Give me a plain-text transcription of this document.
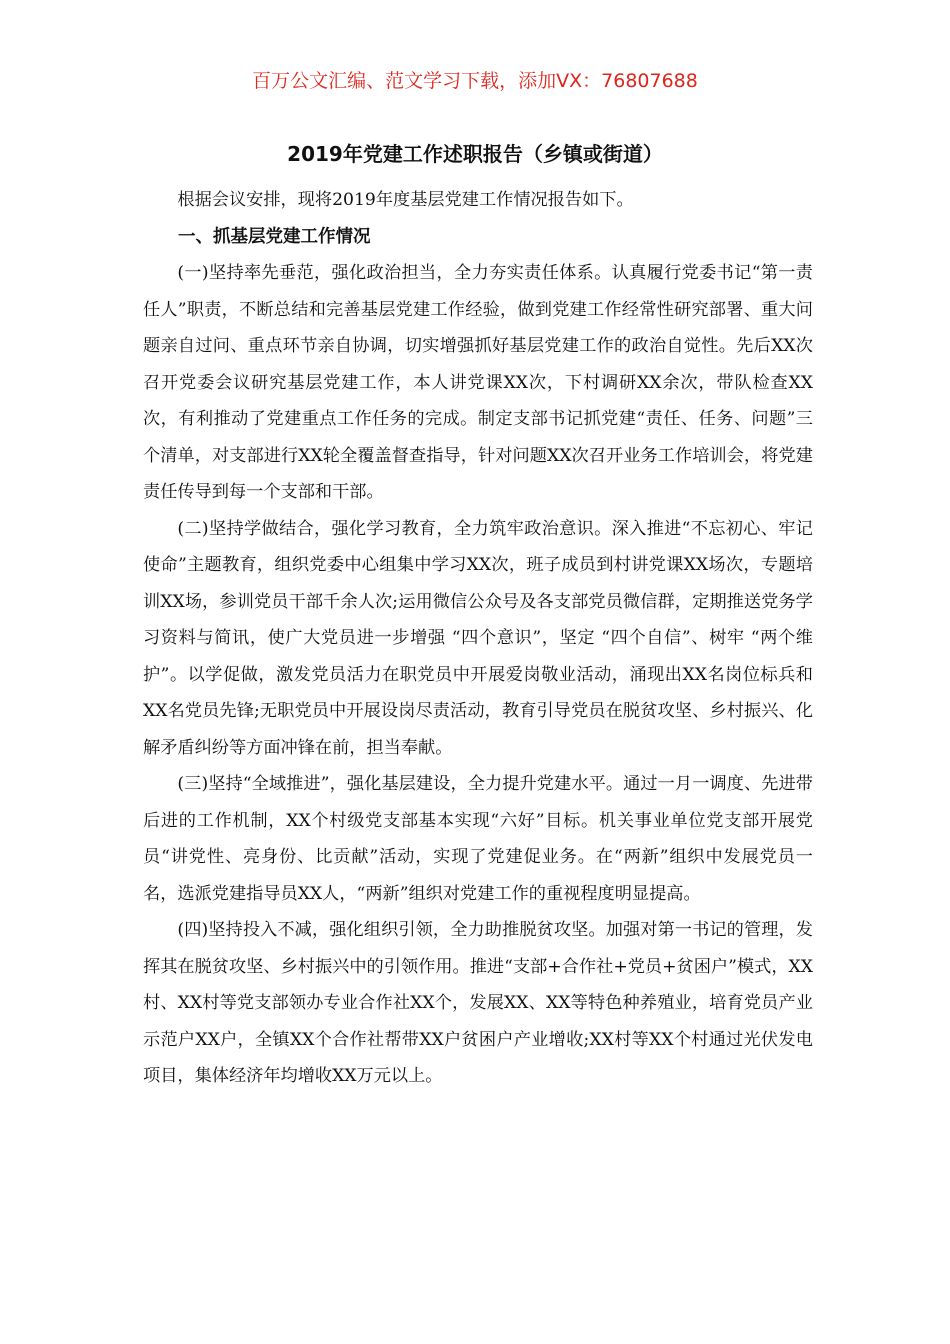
百万公文汇编、范文学习下载，添加VX：76807688
2019年党建工作述职报告（乡镇或街道）

根据会议安排，现将2019年度基层党建工作情况报告如下。

一、抓基层党建工作情况

(一)坚持率先垂范，强化政治担当，全力夯实责任体系。认真履行党委书记“第一责任人”职责，不断总结和完善基层党建工作经验，做到党建工作经常性研究部署、重大问题亲自过问、重点环节亲自协调，切实增强抓好基层党建工作的政治自觉性。先后XX次召开党委会议研究基层党建工作，本人讲党课XX次，下村调研XX余次，带队检查XX次，有利推动了党建重点工作任务的完成。制定支部书记抓党建“责任、任务、问题”三个清单，对支部进行XX轮全覆盖督查指导，针对问题XX次召开业务工作培训会，将党建责任传导到每一个支部和干部。

(二)坚持学做结合，强化学习教育，全力筑牢政治意识。深入推进“不忘初心、牢记使命”主题教育，组织党委中心组集中学习XX次，班子成员到村讲党课XX场次，专题培训XX场，参训党员干部千余人次;运用微信公众号及各支部党员微信群，定期推送党务学习资料与简讯，使广大党员进一步增强 “四个意识”，坚定 “四个自信”、树牢 “两个维护”。以学促做，激发党员活力在职党员中开展爱岗敬业活动，涌现出XX名岗位标兵和XX名党员先锋;无职党员中开展设岗尽责活动，教育引导党员在脱贫攻坚、乡村振兴、化解矛盾纠纷等方面冲锋在前，担当奉献。

(三)坚持“全域推进”，强化基层建设，全力提升党建水平。通过一月一调度、先进带后进的工作机制，XX个村级党支部基本实现“六好”目标。机关事业单位党支部开展党员“讲党性、亮身份、比贡献”活动，实现了党建促业务。在“两新”组织中发展党员一名，选派党建指导员XX人，“两新”组织对党建工作的重视程度明显提高。

(四)坚持投入不减，强化组织引领，全力助推脱贫攻坚。加强对第一书记的管理，发挥其在脱贫攻坚、乡村振兴中的引领作用。推进“支部+合作社+党员+贫困户”模式，XX村、XX村等党支部领办专业合作社XX个，发展XX、XX等特色种养殖业，培育党员产业示范户XX户，全镇XX个合作社帮带XX户贫困户产业增收;XX村等XX个村通过光伏发电项目，集体经济年均增收XX万元以上。
